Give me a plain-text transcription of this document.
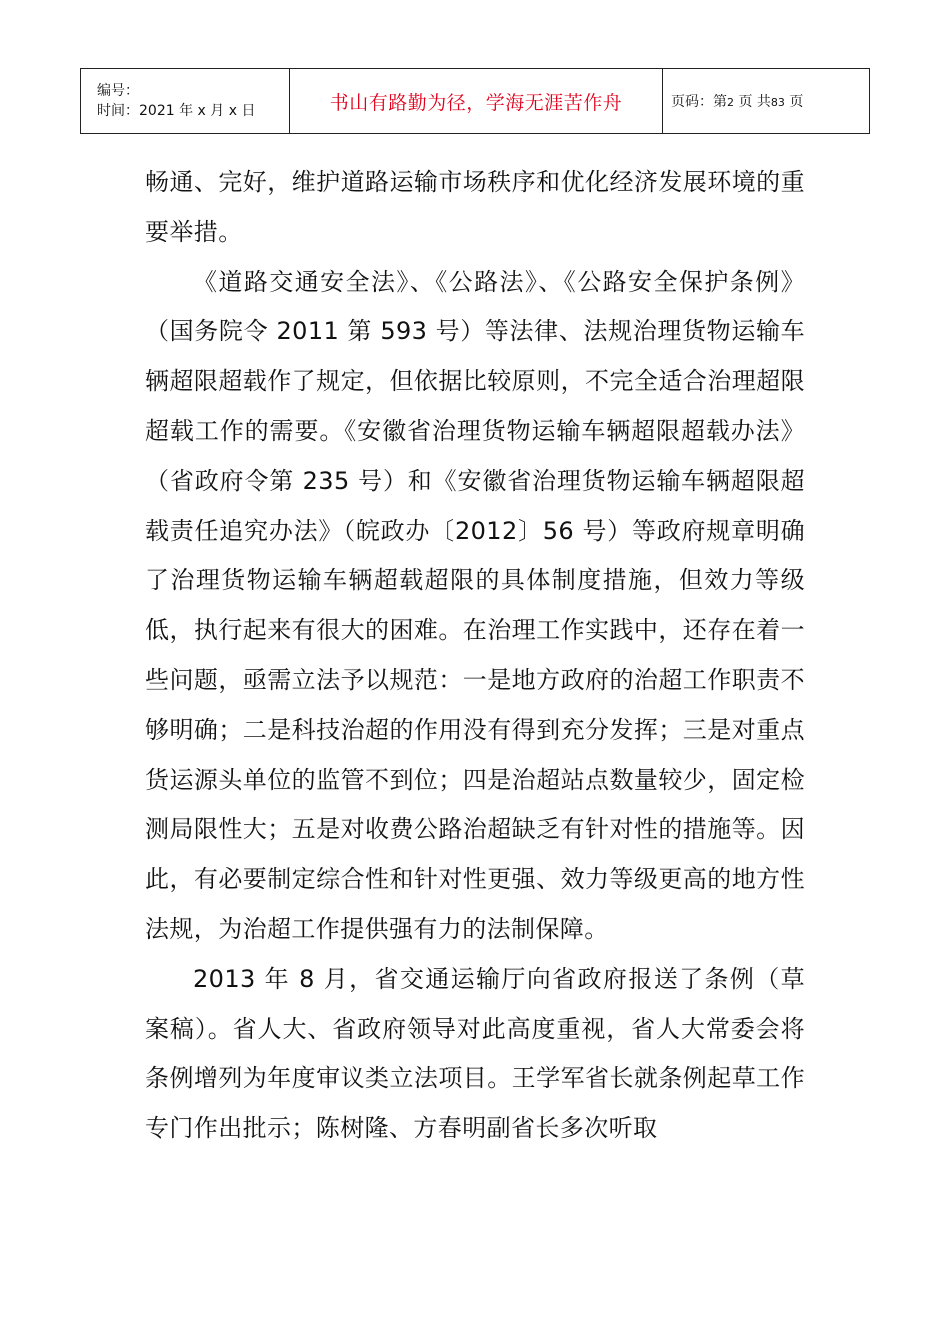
编号：
时间：2021 年 x 月 x 日	书山有路勤为径，学海无涯苦作舟	页码：第2 页 共83 页

畅通、完好，维护道路运输市场秩序和优化经济发展环境的重要举措。

《道路交通安全法》、《公路法》、《公路安全保护条例》（国务院令 2011 第 593 号）等法律、法规治理货物运输车辆超限超载作了规定，但依据比较原则，不完全适合治理超限超载工作的需要。《安徽省治理货物运输车辆超限超载办法》（省政府令第 235 号）和《安徽省治理货物运输车辆超限超载责任追究办法》（皖政办〔2012〕56 号）等政府规章明确了治理货物运输车辆超载超限的具体制度措施，但效力等级低，执行起来有很大的困难。在治理工作实践中，还存在着一些问题，亟需立法予以规范：一是地方政府的治超工作职责不够明确；二是科技治超的作用没有得到充分发挥；三是对重点货运源头单位的监管不到位；四是治超站点数量较少，固定检测局限性大；五是对收费公路治超缺乏有针对性的措施等。因此，有必要制定综合性和针对性更强、效力等级更高的地方性法规，为治超工作提供强有力的法制保障。

2013 年 8 月，省交通运输厅向省政府报送了条例（草案稿）。省人大、省政府领导对此高度重视，省人大常委会将条例增列为年度审议类立法项目。王学军省长就条例起草工作专门作出批示；陈树隆、方春明副省长多次听取
